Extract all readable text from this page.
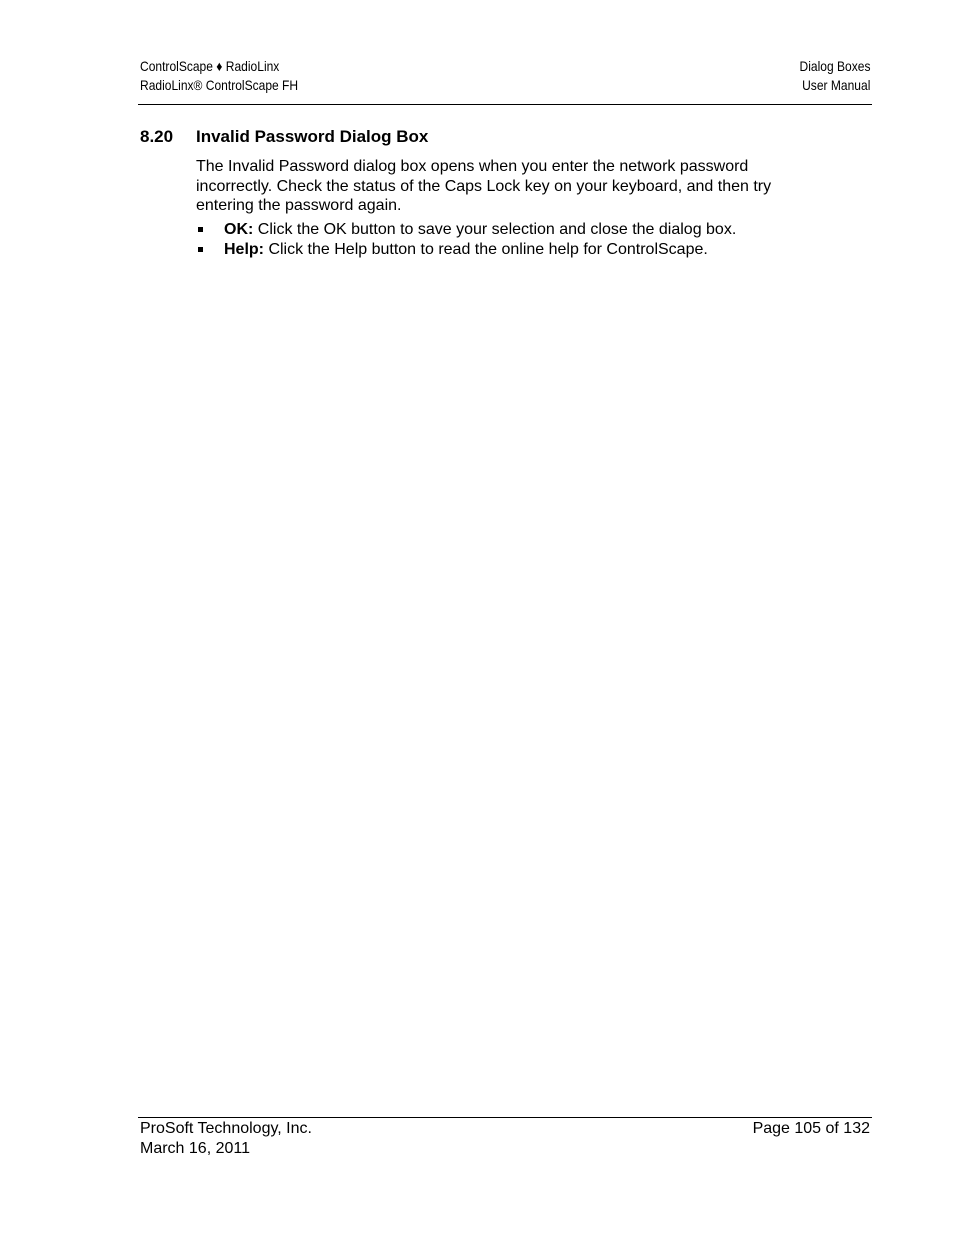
ControlScape ♦ RadioLinx
RadioLinx® ControlScape FH
Dialog Boxes
User Manual
8.20 Invalid Password Dialog Box
The Invalid Password dialog box opens when you enter the network password incorrectly. Check the status of the Caps Lock key on your keyboard, and then try entering the password again.
OK: Click the OK button to save your selection and close the dialog box.
Help: Click the Help button to read the online help for ControlScape.
ProSoft Technology, Inc.
March 16, 2011
Page 105 of 132
